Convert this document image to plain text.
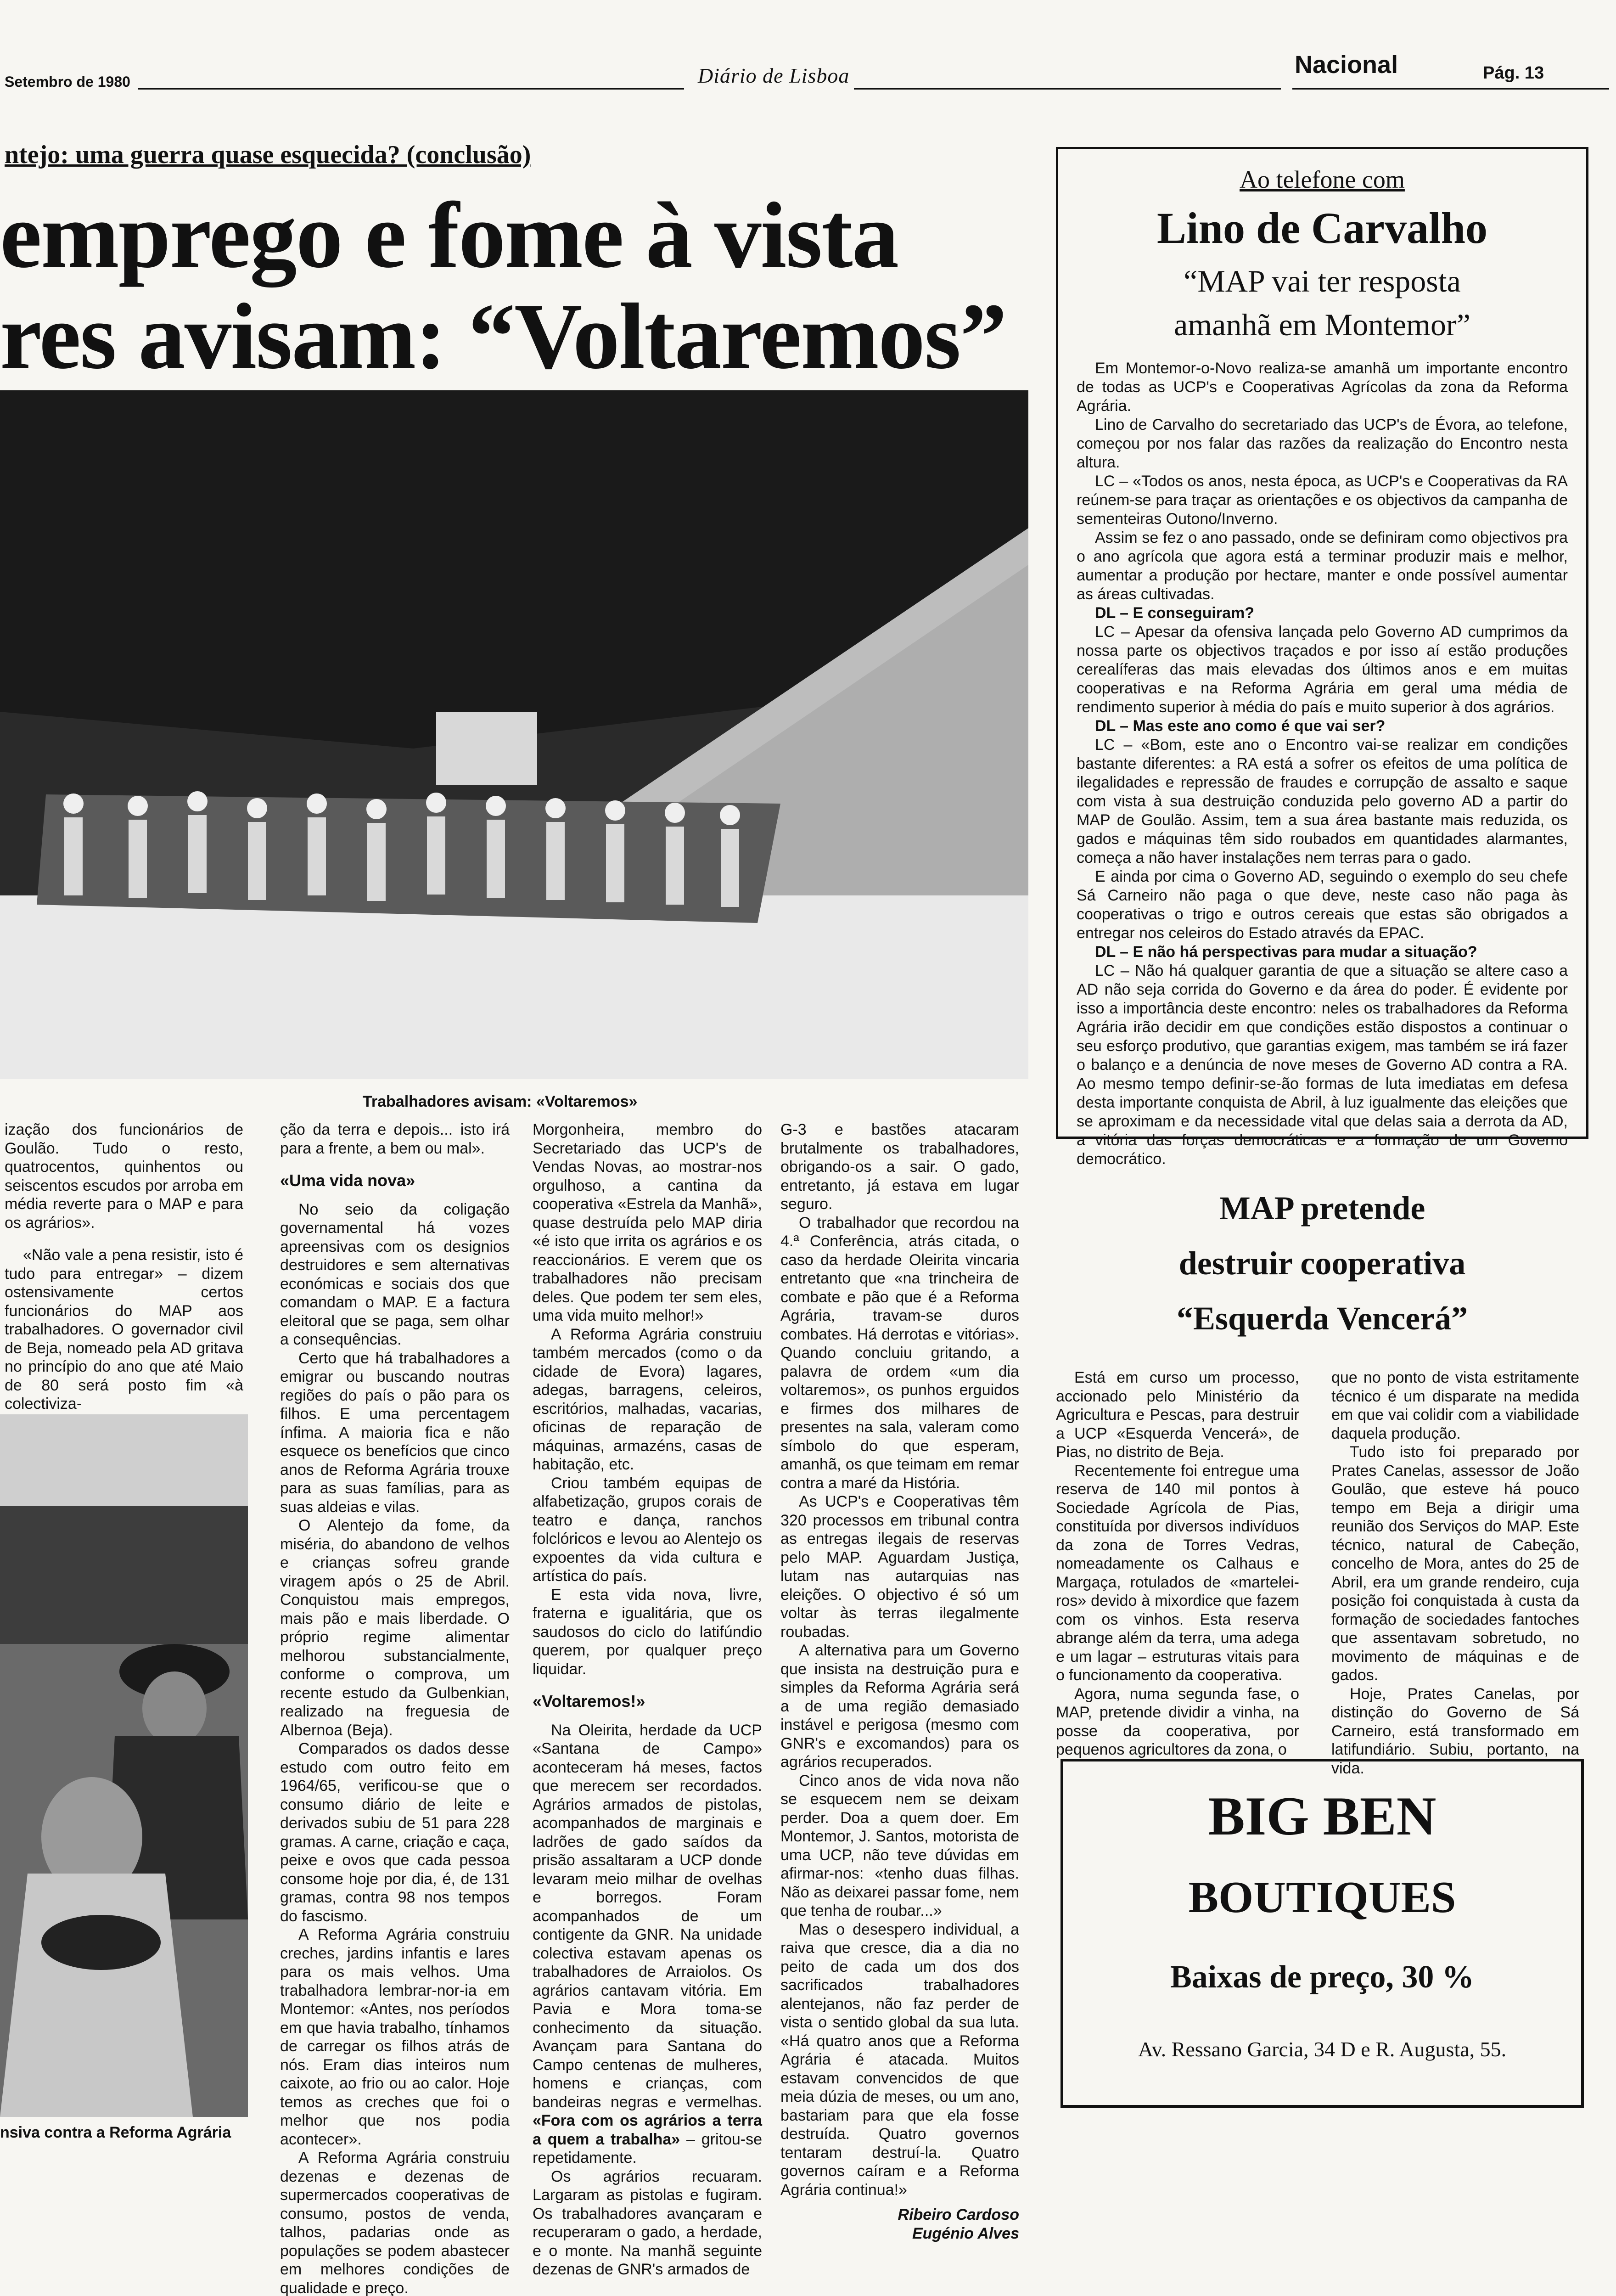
Setembro de 1980	Diário de Lisboa	Nacional	Pág. 13
ntejo: uma guerra quase esquecida? (conclusão)
emprego e fome à vista
res avisam: “Voltaremos”
Trabalhadores avisam: «Voltaremos»

ização dos funcionários de Goulão. Tudo o resto, quatrocentos, quinhentos ou seiscentos escudos por arroba em média reverte para o MAP e para os agrários».

«Não vale a pena resistir, isto é tudo para entregar» – dizem ostensivamente certos funcionários do MAP aos trabalhadores. O governador civil de Beja, nomeado pela AD gritava no princípio do ano que até Maio de 80 será posto fim «à colectiviza-

nsiva contra a Reforma Agrária

ção da terra e depois... isto irá para a frente, a bem ou mal».

«Uma vida nova»

No seio da coligação governamental há vozes apreensivas com os designios destruidores e sem alternativas económicas e sociais dos que comandam o MAP. E a factura eleitoral que se paga, sem olhar a consequências.

Certo que há trabalhadores a emigrar ou buscando noutras regiões do país o pão para os filhos. E uma percentagem ínfima. A maioria fica e não esquece os benefícios que cinco anos de Reforma Agrária trouxe para as suas famílias, para as suas aldeias e vilas.

O Alentejo da fome, da miséria, do abandono de velhos e crianças sofreu grande viragem após o 25 de Abril. Conquistou mais empregos, mais pão e mais liberdade. O próprio regime alimentar melhorou substancialmente, conforme o comprova, um recente estudo da Gulbenkian, realizado na freguesia de Albernoa (Beja).

Comparados os dados desse estudo com outro feito em 1964/65, verificou-se que o consumo diário de leite e derivados subiu de 51 para 228 gramas. A carne, criação e caça, peixe e ovos que cada pessoa consome hoje por dia, é, de 131 gramas, contra 98 nos tempos do fascismo.

A Reforma Agrária construiu creches, jardins infantis e lares para os mais velhos. Uma trabalhadora lembrar-nor-ia em Montemor: «Antes, nos períodos em que havia trabalho, tínhamos de carregar os filhos atrás de nós. Eram dias inteiros num caixote, ao frio ou ao calor. Hoje temos as creches que foi o melhor que nos podia acontecer».

A Reforma Agrária construiu dezenas e dezenas de supermercados cooperativas de consumo, postos de venda, talhos, padarias onde as populações se podem abastecer em melhores condições de qualidade e preço.

Morgonheira, membro do Secretariado das UCP's de Vendas Novas, ao mostrar-nos orgulhoso, a cantina da cooperativa «Estrela da Manhã», quase destruída pelo MAP diria «é isto que irrita os agrários e os reaccionários. E verem que os trabalhadores não precisam deles. Que podem ter sem eles, uma vida muito melhor!»

A Reforma Agrária construiu também mercados (como o da cidade de Evora) lagares, adegas, barragens, celeiros, escritórios, malhadas, vacarias, oficinas de reparação de máquinas, armazéns, casas de habitação, etc.

Criou também equipas de alfabetização, grupos corais de teatro e dança, ranchos folclóricos e levou ao Alentejo os expoentes da vida cultura e artística do país.

E esta vida nova, livre, fraterna e igualitária, que os saudosos do ciclo do latifúndio querem, por qualquer preço liquidar.

«Voltaremos!»

Na Oleirita, herdade da UCP «Santana de Campo» aconteceram há meses, factos que merecem ser recordados. Agrários armados de pistolas, acompanhados de marginais e ladrões de gado saídos da prisão assaltaram a UCP donde levaram meio milhar de ovelhas e borregos. Foram acompanhados de um contigente da GNR. Na unidade colectiva estavam apenas os trabalhadores de Arraiolos. Os agrários cantavam vitória. Em Pavia e Mora toma-se conhecimento da situação. Avançam para Santana do Campo centenas de mulheres, homens e crianças, com bandeiras negras e vermelhas. «Fora com os agrários a terra a quem a trabalha» – gritou-se repetidamente.

Os agrários recuaram. Largaram as pistolas e fugiram. Os trabalhadores avançaram e recuperaram o gado, a herdade, e o monte. Na manhã seguinte dezenas de GNR's armados de

G-3 e bastões atacaram brutalmente os trabalhadores, obrigando-os a sair. O gado, entretanto, já estava em lugar seguro.

O trabalhador que recordou na 4.ª Conferência, atrás citada, o caso da herdade Oleirita vincaria entretanto que «na trincheira de combate e pão que é a Reforma Agrária, travam-se duros combates. Há derrotas e vitórias». Quando concluiu gritando, a palavra de ordem «um dia voltaremos», os punhos erguidos e firmes dos milhares de presentes na sala, valeram como símbolo do que esperam, amanhã, os que teimam em remar contra a maré da História.

As UCP's e Cooperativas têm 320 processos em tribunal contra as entregas ilegais de reservas pelo MAP. Aguardam Justiça, lutam nas autarquias nas eleições. O objectivo é só um voltar às terras ilegalmente roubadas.

A alternativa para um Governo que insista na destruição pura e simples da Reforma Agrária será a de uma região demasiado instável e perigosa (mesmo com GNR's e excomandos) para os agrários recuperados.

Cinco anos de vida nova não se esquecem nem se deixam perder. Doa a quem doer. Em Montemor, J. Santos, motorista de uma UCP, não teve dúvidas em afirmar-nos: «tenho duas filhas. Não as deixarei passar fome, nem que tenha de roubar...»

Mas o desespero individual, a raiva que cresce, dia a dia no peito de cada um dos dos sacrificados trabalhadores alentejanos, não faz perder de vista o sentido global da sua luta. «Há quatro anos que a Reforma Agrária é atacada. Muitos estavam convencidos de que meia dúzia de meses, ou um ano, bastariam para que ela fosse destruída. Quatro governos tentaram destruí-la. Quatro governos caíram e a Reforma Agrária continua!»

Ribeiro Cardoso
Eugénio Alves
Ao telefone com
Lino de Carvalho
“MAP vai ter resposta
amanhã em Montemor”

Em Montemor-o-Novo realiza-se amanhã um importante encontro de todas as UCP's e Cooperativas Agrícolas da zona da Reforma Agrária.

Lino de Carvalho do secretariado das UCP's de Évora, ao telefone, começou por nos falar das razões da realização do Encontro nesta altura.

LC – «Todos os anos, nesta época, as UCP's e Cooperativas da RA reúnem-se para traçar as orientações e os objectivos da campanha de sementeiras Outono/Inverno.

Assim se fez o ano passado, onde se definiram como objectivos pra o ano agrícola que agora está a terminar produzir mais e melhor, aumentar a produção por hectare, manter e onde possível aumentar as áreas cultivadas.

DL – E conseguiram?

LC – Apesar da ofensiva lançada pelo Governo AD cumprimos da nossa parte os objectivos traçados e por isso aí estão produções cerealíferas das mais elevadas dos últimos anos e em muitas cooperativas e na Reforma Agrária em geral uma média de rendimento superior à média do país e muito superior à dos agrários.

DL – Mas este ano como é que vai ser?

LC – «Bom, este ano o Encontro vai-se realizar em condições bastante diferentes: a RA está a sofrer os efeitos de uma política de ilegalidades e repressão de fraudes e corrupção de assalto e saque com vista à sua destruição conduzida pelo governo AD a partir do MAP de Goulão. Assim, tem a sua área bastante mais reduzida, os gados e máquinas têm sido roubados em quantidades alarmantes, começa a não haver instalações nem terras para o gado.

E ainda por cima o Governo AD, seguindo o exemplo do seu chefe Sá Carneiro não paga o que deve, neste caso não paga às cooperativas o trigo e outros cereais que estas são obrigados a entregar nos celeiros do Estado através da EPAC.

DL – E não há perspectivas para mudar a situação?

LC – Não há qualquer garantia de que a situação se altere caso a AD não seja corrida do Governo e da área do poder. É evidente por isso a importância deste encontro: neles os trabalhadores da Reforma Agrária irão decidir em que condições estão dispostos a continuar o seu esforço produtivo, que garantias exigem, mas também se irá fazer o balanço e a denúncia de nove meses de Governo AD contra a RA. Ao mesmo tempo definir-se-ão formas de luta imediatas em defesa desta importante conquista de Abril, à luz igualmente das eleições que se aproximam e da necessidade vital que delas saia a derrota da AD, a vitória das forças democráticas e a formação de um Governo democrático.

MAP pretende
destruir cooperativa
“Esquerda Vencerá”

Está em curso um processo, accionado pelo Ministério da Agricultura e Pescas, para destruir a UCP «Esquerda Vencerá», de Pias, no distrito de Beja.

Recentemente foi entregue uma reserva de 140 mil pontos à Sociedade Agrícola de Pias, constituída por diversos indivíduos da zona de Torres Vedras, nomeadamente os Calhaus e Margaça, rotulados de «martelei-ros» devido à mixordice que fazem com os vinhos. Esta reserva abrange além da terra, uma adega e um lagar – estruturas vitais para o funcionamento da cooperativa.

Agora, numa segunda fase, o MAP, pretende dividir a vinha, na posse da cooperativa, por pequenos agricultores da zona, o

que no ponto de vista estritamente técnico é um disparate na medida em que vai colidir com a viabilidade daquela produção.

Tudo isto foi preparado por Prates Canelas, assessor de João Goulão, que esteve há pouco tempo em Beja a dirigir uma reunião dos Serviços do MAP. Este técnico, natural de Cabeção, concelho de Mora, antes do 25 de Abril, era um grande rendeiro, cuja posição foi conquistada à custa da formação de sociedades fantoches que assentavam sobretudo, no movimento de máquinas e de gados.

Hoje, Prates Canelas, por distinção do Governo de Sá Carneiro, está transformado em latifundiário. Subiu, portanto, na vida.

BIG BEN
BOUTIQUES
Baixas de preço, 30 %
Av. Ressano Garcia, 34 D e R. Augusta, 55.
